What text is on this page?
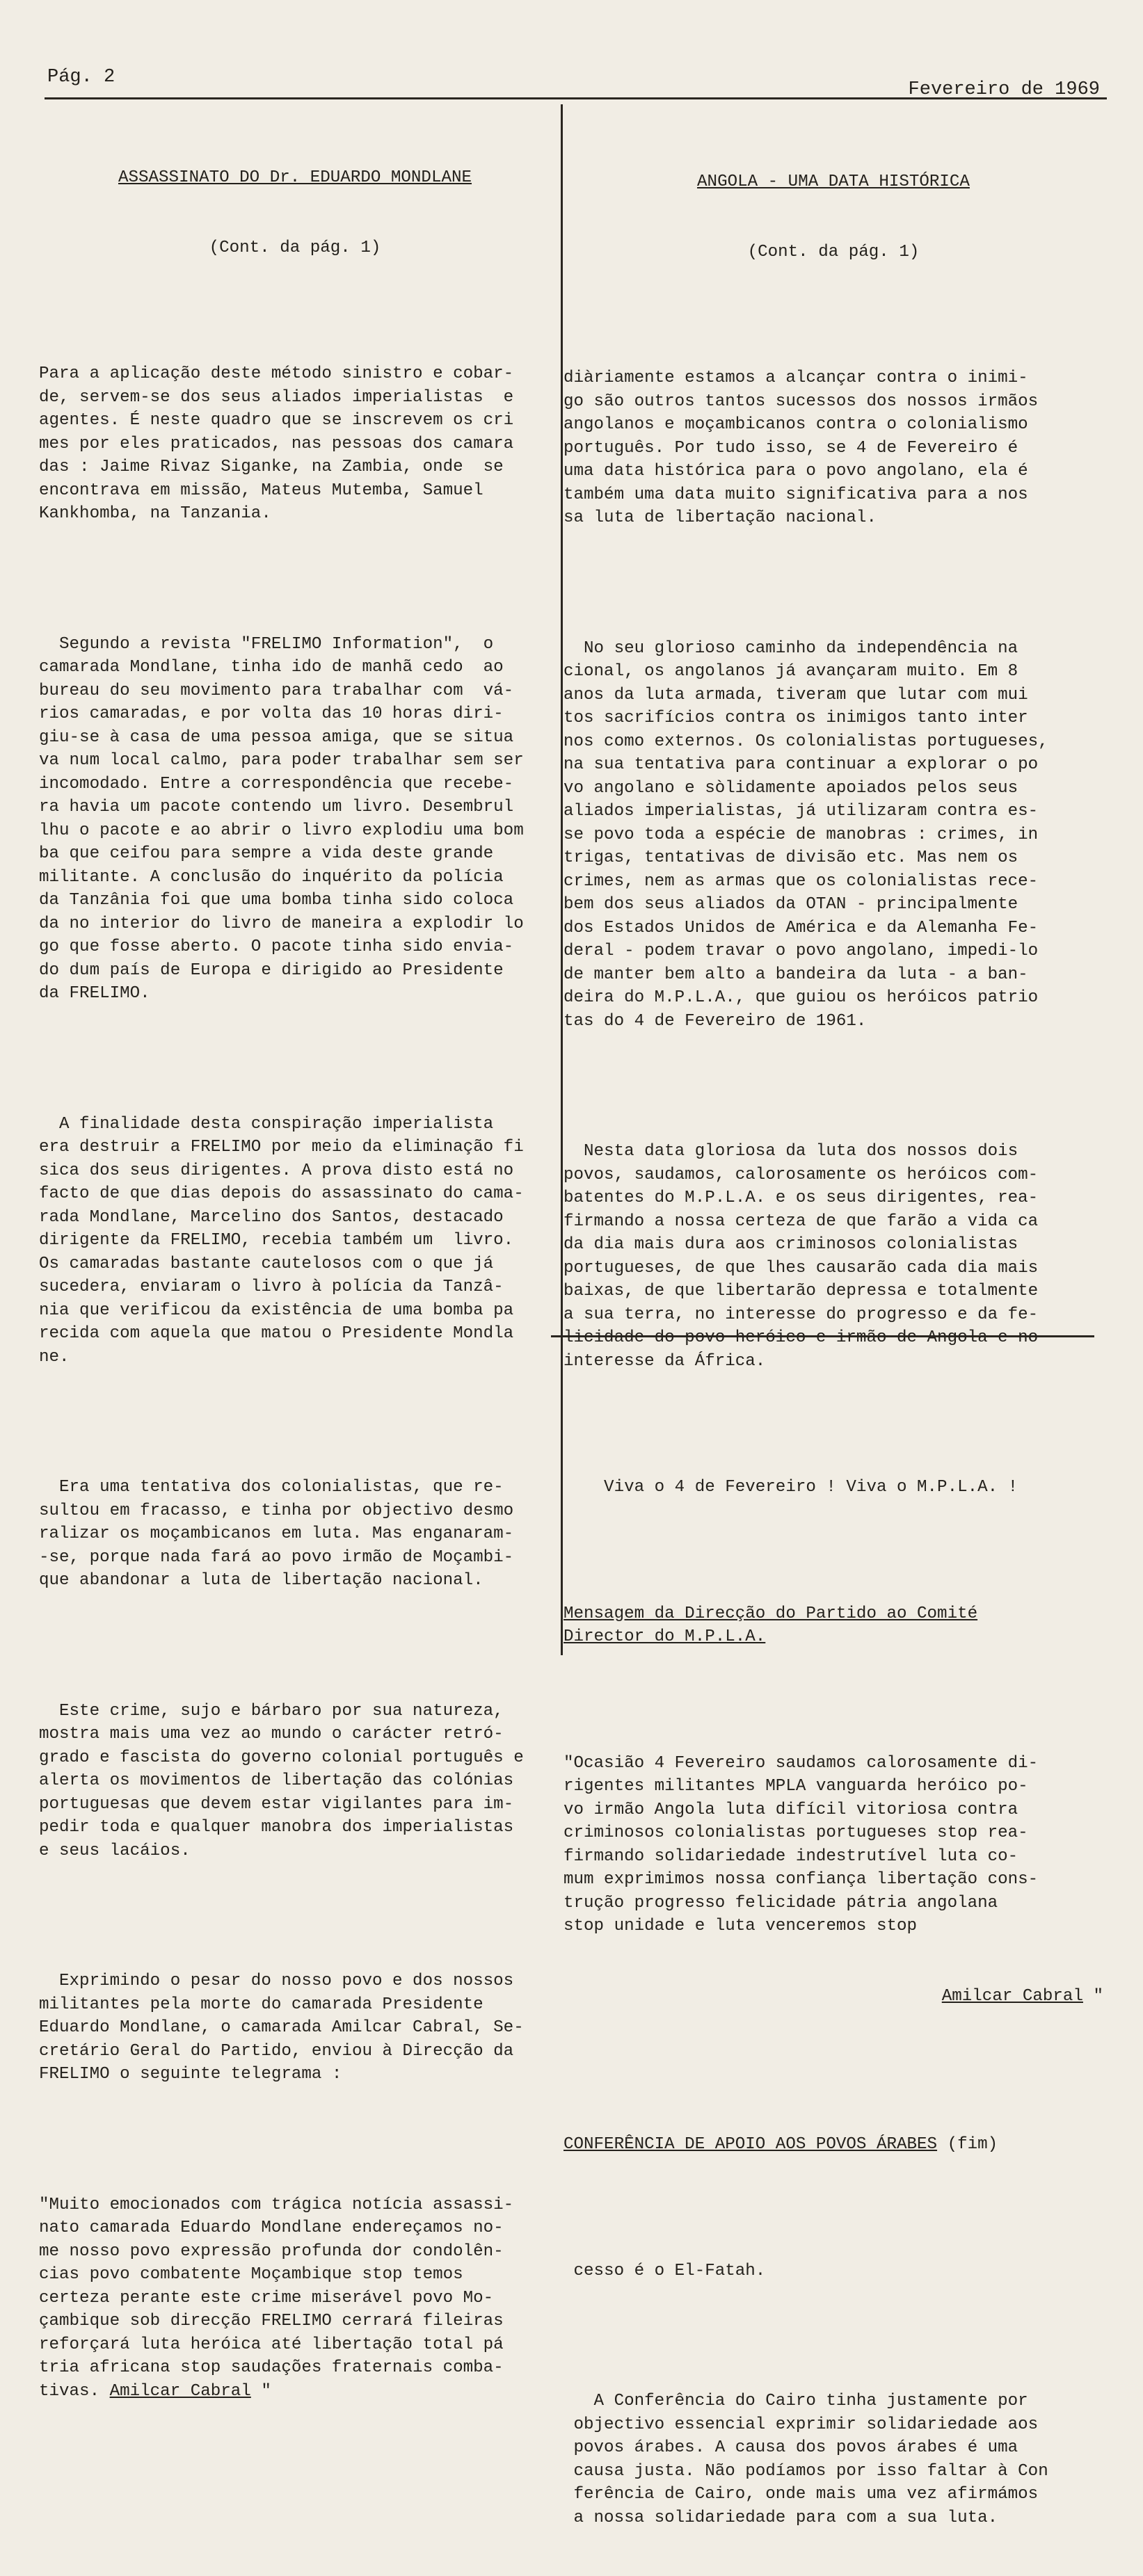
Pág. 2
Fevereiro de 1969

ASSASSINATO DO Dr. EDUARDO MONDLANE

(Cont. da pág. 1)

Para a aplicação deste método sinistro e cobar-
de, servem-se dos seus aliados imperialistas  e
agentes. É neste quadro que se inscrevem os cri
mes por eles praticados, nas pessoas dos camara
das : Jaime Rivaz Siganke, na Zambia, onde  se
encontrava em missão, Mateus Mutemba, Samuel
Kankhomba, na Tanzania.

Segundo a revista "FRELIMO Information",  o
camarada Mondlane, tinha ido de manhã cedo  ao
bureau do seu movimento para trabalhar com  vá-
rios camaradas, e por volta das 10 horas diri-
giu-se à casa de uma pessoa amiga, que se situa
va num local calmo, para poder trabalhar sem ser
incomodado. Entre a correspondência que recebe-
ra havia um pacote contendo um livro. Desembrul
lhu o pacote e ao abrir o livro explodiu uma bom
ba que ceifou para sempre a vida deste grande
militante. A conclusão do inquérito da polícia
da Tanzânia foi que uma bomba tinha sido coloca
da no interior do livro de maneira a explodir lo
go que fosse aberto. O pacote tinha sido envia-
do dum país de Europa e dirigido ao Presidente
da FRELIMO.

A finalidade desta conspiração imperialista
era destruir a FRELIMO por meio da eliminação fi
sica dos seus dirigentes. A prova disto está no
facto de que dias depois do assassinato do cama-
rada Mondlane, Marcelino dos Santos, destacado
dirigente da FRELIMO, recebia também um  livro.
Os camaradas bastante cautelosos com o que já
sucedera, enviaram o livro à polícia da Tanzâ-
nia que verificou da existência de uma bomba pa
recida com aquela que matou o Presidente Mondla
ne.

Era uma tentativa dos colonialistas, que re-
sultou em fracasso, e tinha por objectivo desmo
ralizar os moçambicanos em luta. Mas enganaram-
-se, porque nada fará ao povo irmão de Moçambi-
que abandonar a luta de libertação nacional.

Este crime, sujo e bárbaro por sua natureza,
mostra mais uma vez ao mundo o carácter retró-
grado e fascista do governo colonial português e
alerta os movimentos de libertação das colónias
portuguesas que devem estar vigilantes para im-
pedir toda e qualquer manobra dos imperialistas
e seus lacáios.

Exprimindo o pesar do nosso povo e dos nossos
militantes pela morte do camarada Presidente
Eduardo Mondlane, o camarada Amilcar Cabral, Se-
cretário Geral do Partido, enviou à Direcção da
FRELIMO o seguinte telegrama :

"Muito emocionados com trágica notícia assassi-
nato camarada Eduardo Mondlane endereçamos no-
me nosso povo expressão profunda dor condolên-
cias povo combatente Moçambique stop temos
certeza perante este crime miserável povo Mo-
çambique sob direcção FRELIMO cerrará fileiras
reforçará luta heróica até libertação total pá
tria africana stop saudações fraternais comba-
tivas. Amilcar Cabral "

ANGOLA - UMA DATA HISTÓRICA

(Cont. da pág. 1)

diàriamente estamos a alcançar contra o inimi-
go são outros tantos sucessos dos nossos irmãos
angolanos e moçambicanos contra o colonialismo
português. Por tudo isso, se 4 de Fevereiro é
uma data histórica para o povo angolano, ela é
também uma data muito significativa para a nos
sa luta de libertação nacional.

No seu glorioso caminho da independência na
cional, os angolanos já avançaram muito. Em 8
anos da luta armada, tiveram que lutar com mui
tos sacrifícios contra os inimigos tanto inter
nos como externos. Os colonialistas portugueses,
na sua tentativa para continuar a explorar o po
vo angolano e sòlidamente apoiados pelos seus
aliados imperialistas, já utilizaram contra es-
se povo toda a espécie de manobras : crimes, in
trigas, tentativas de divisão etc. Mas nem os
crimes, nem as armas que os colonialistas rece-
bem dos seus aliados da OTAN - principalmente
dos Estados Unidos de América e da Alemanha Fe-
deral - podem travar o povo angolano, impedi-lo
de manter bem alto a bandeira da luta - a ban-
deira do M.P.L.A., que guiou os heróicos patrio
tas do 4 de Fevereiro de 1961.

Nesta data gloriosa da luta dos nossos dois
povos, saudamos, calorosamente os heróicos com-
batentes do M.P.L.A. e os seus dirigentes, rea-
firmando a nossa certeza de que farão a vida ca
da dia mais dura aos criminosos colonialistas
portugueses, de que lhes causarão cada dia mais
baixas, de que libertarão depressa e totalmente
a sua terra, no interesse do progresso e da fe-
licidade do povo heróico e irmão de Angola e no
interesse da África.

Viva o 4 de Fevereiro ! Viva o M.P.L.A. !

Mensagem da Direcção do Partido ao Comité
Director do M.P.L.A.

"Ocasião 4 Fevereiro saudamos calorosamente di-
rigentes militantes MPLA vanguarda heróico po-
vo irmão Angola luta difícil vitoriosa contra
criminosos colonialistas portugueses stop rea-
firmando solidariedade indestrutível luta co-
mum exprimimos nossa confiança libertação cons-
trução progresso felicidade pátria angolana
stop unidade e luta venceremos stop

Amilcar Cabral "

CONFERÊNCIA DE APOIO AOS POVOS ÁRABES (fim)

cesso é o El-Fatah.

A Conferência do Cairo tinha justamente por
objectivo essencial exprimir solidariedade aos
povos árabes. A causa dos povos árabes é uma
causa justa. Não podíamos por isso faltar à Con
ferência de Cairo, onde mais uma vez afirmámos
a nossa solidariedade para com a sua luta.
